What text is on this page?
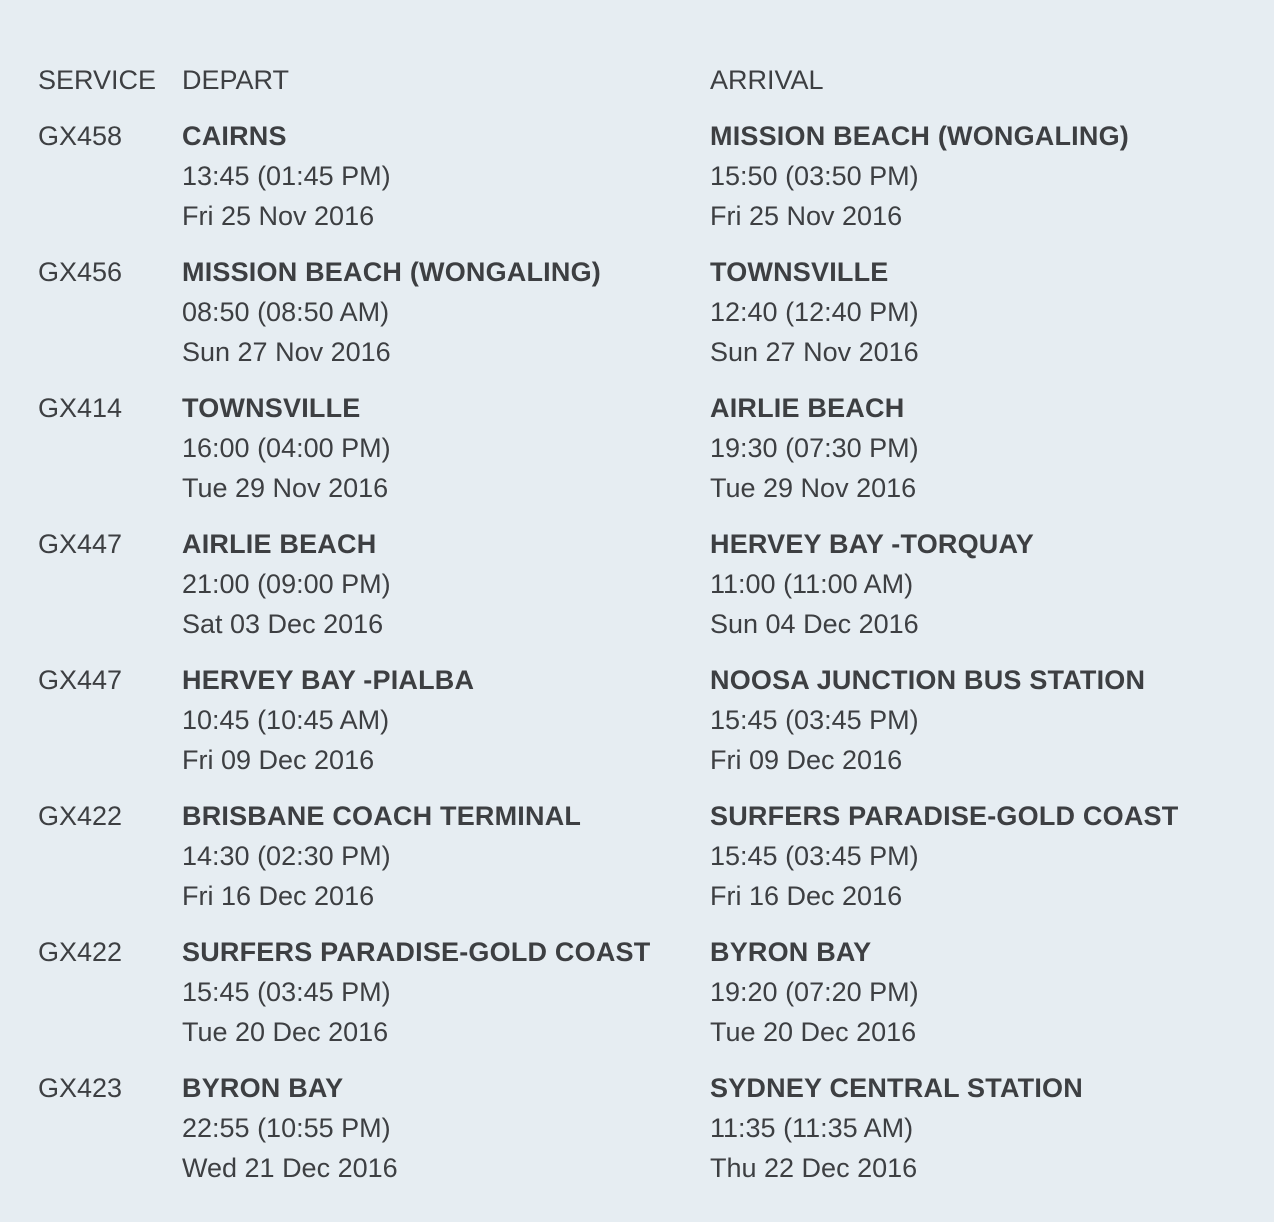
SERVICE DEPART	ARRIVAL
GX458 CAIRNS
13:45 (01:45 PM)
Fri 25 Nov 2016
MISSION BEACH (WONGALING)
15:50 (03:50 PM)
Fri 25 Nov 2016
GX456 MISSION BEACH (WONGALING)
08:50 (08:50 AM)
Sun 27 Nov 2016
TOWNSVILLE
12:40 (12:40 PM)
Sun 27 Nov 2016
GX414 TOWNSVILLE
16:00 (04:00 PM)
Tue 29 Nov 2016
AIRLIE BEACH
19:30 (07:30 PM)
Tue 29 Nov 2016
GX447 AIRLIE BEACH
21:00 (09:00 PM)
Sat 03 Dec 2016
HERVEY BAY -TORQUAY
11:00 (11:00 AM)
Sun 04 Dec 2016
GX447 HERVEY BAY -PIALBA
10:45 (10:45 AM)
Fri 09 Dec 2016
NOOSA JUNCTION BUS STATION
15:45 (03:45 PM)
Fri 09 Dec 2016
GX422 BRISBANE COACH TERMINAL
14:30 (02:30 PM)
Fri 16 Dec 2016
SURFERS PARADISE-GOLD COAST
15:45 (03:45 PM)
Fri 16 Dec 2016
GX422 SURFERS PARADISE-GOLD COAST
15:45 (03:45 PM)
Tue 20 Dec 2016
BYRON BAY
19:20 (07:20 PM)
Tue 20 Dec 2016
GX423 BYRON BAY
22:55 (10:55 PM)
Wed 21 Dec 2016
SYDNEY CENTRAL STATION
11:35 (11:35 AM)
Thu 22 Dec 2016
